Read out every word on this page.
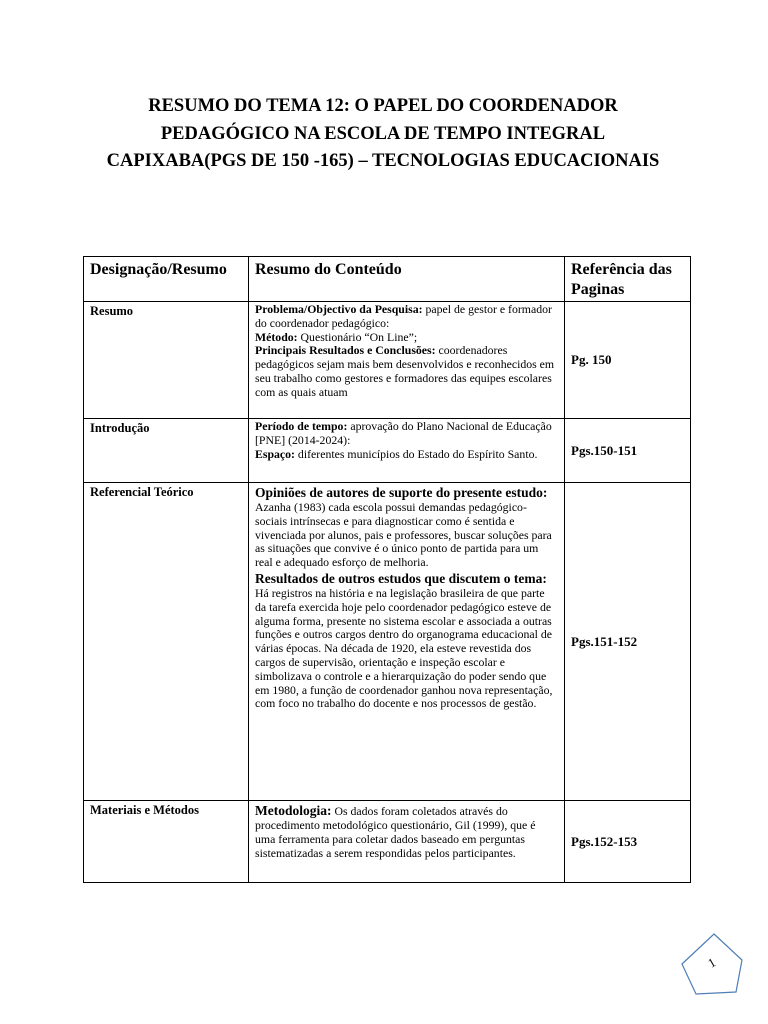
RESUMO DO TEMA 12: O PAPEL DO COORDENADOR PEDAGÓGICO NA ESCOLA DE TEMPO INTEGRAL CAPIXABA(PGS DE 150 -165) – TECNOLOGIAS EDUCACIONAIS
Designação/Resumo	Resumo do Conteúdo	Referência das Paginas
Resumo	Problema/Objectivo da Pesquisa: papel de gestor e formador do coordenador pedagógico:

Método: Questionário “On Line”;

Principais Resultados e Conclusões: coordenadores pedagógicos sejam mais bem desenvolvidos e reconhecidos em seu trabalho como gestores e formadores das equipes escolares com as quais atuam	Pg. 150
Introdução	Período de tempo: aprovação do Plano Nacional de Educação [PNE] (2014-2024):

Espaço: diferentes municípios do Estado do Espírito Santo.	Pgs.150-151
Referencial Teórico	Opiniões de autores de suporte do presente estudo: Azanha (1983) cada escola possui demandas pedagógico-sociais intrínsecas e para diagnosticar como é sentida e vivenciada por alunos, pais e professores, buscar soluções para as situações que convive é o único ponto de partida para um real e adequado esforço de melhoria.

Resultados de outros estudos que discutem o tema: Há registros na história e na legislação brasileira de que parte da tarefa exercida hoje pelo coordenador pedagógico esteve de alguma forma, presente no sistema escolar e associada a outras funções e outros cargos dentro do organograma educacional de várias épocas. Na década de 1920, ela esteve revestida dos cargos de supervisão, orientação e inspeção escolar e simbolizava o controle e a hierarquização do poder sendo que em 1980, a função de coordenador ganhou nova representação, com foco no trabalho do docente e nos processos de gestão.	Pgs.151-152
Materiais e Métodos	Metodologia: Os dados foram coletados através do procedimento metodológico questionário, Gil (1999), que é uma ferramenta para coletar dados baseado em perguntas sistematizadas a serem respondidas pelos participantes.	Pgs.152-153
1
